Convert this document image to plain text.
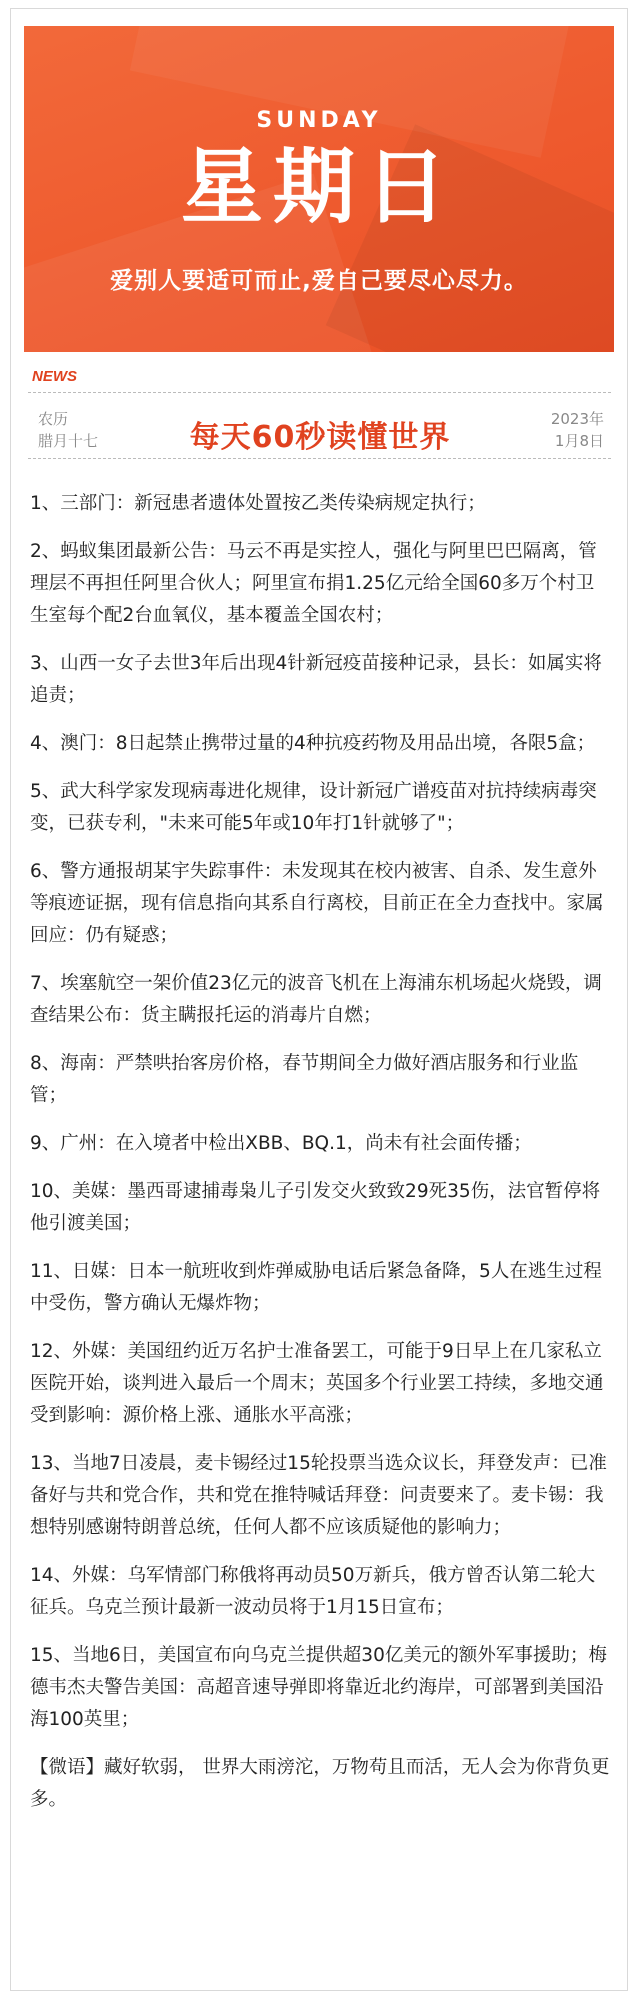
SUNDAY
星期日
爱别人要适可而止,爱自己要尽心尽力。
NEWS
农历
腊月十七	每天60秒读懂世界
2023年
1月8日

1、三部门：新冠患者遗体处置按乙类传染病规定执行；

2、蚂蚁集团最新公告：马云不再是实控人，强化与阿里巴巴隔离，管理层不再担任阿里合伙人；阿里宣布捐1.25亿元给全国60多万个村卫生室每个配2台血氧仪，基本覆盖全国农村；

3、山西一女子去世3年后出现4针新冠疫苗接种记录，县长：如属实将追责；

4、澳门：8日起禁止携带过量的4种抗疫药物及用品出境，各限5盒；

5、武大科学家发现病毒进化规律，设计新冠广谱疫苗对抗持续病毒突变，已获专利，"未来可能5年或10年打1针就够了"；

6、警方通报胡某宇失踪事件：未发现其在校内被害、自杀、发生意外等痕迹证据，现有信息指向其系自行离校，目前正在全力查找中。家属回应：仍有疑惑；

7、埃塞航空一架价值23亿元的波音飞机在上海浦东机场起火烧毁，调查结果公布：货主瞒报托运的消毒片自燃；

8、海南：严禁哄抬客房价格，春节期间全力做好酒店服务和行业监管；

9、广州：在入境者中检出XBB、BQ.1，尚未有社会面传播；

10、美媒：墨西哥逮捕毒枭儿子引发交火致致29死35伤，法官暂停将他引渡美国；

11、日媒：日本一航班收到炸弹威胁电话后紧急备降，5人在逃生过程中受伤，警方确认无爆炸物；

12、外媒：美国纽约近万名护士准备罢工，可能于9日早上在几家私立医院开始，谈判进入最后一个周末；英国多个行业罢工持续，多地交通受到影响：源价格上涨、通胀水平高涨；

13、当地7日凌晨，麦卡锡经过15轮投票当选众议长，拜登发声：已准备好与共和党合作，共和党在推特喊话拜登：问责要来了。麦卡锡：我想特别感谢特朗普总统，任何人都不应该质疑他的影响力；

14、外媒：乌军情部门称俄将再动员50万新兵，俄方曾否认第二轮大征兵。乌克兰预计最新一波动员将于1月15日宣布；

15、当地6日，美国宣布向乌克兰提供超30亿美元的额外军事援助；梅德韦杰夫警告美国：高超音速导弹即将靠近北约海岸，可部署到美国沿海100英里；

【微语】藏好软弱， 世界大雨滂沱，万物苟且而活，无人会为你背负更多。
